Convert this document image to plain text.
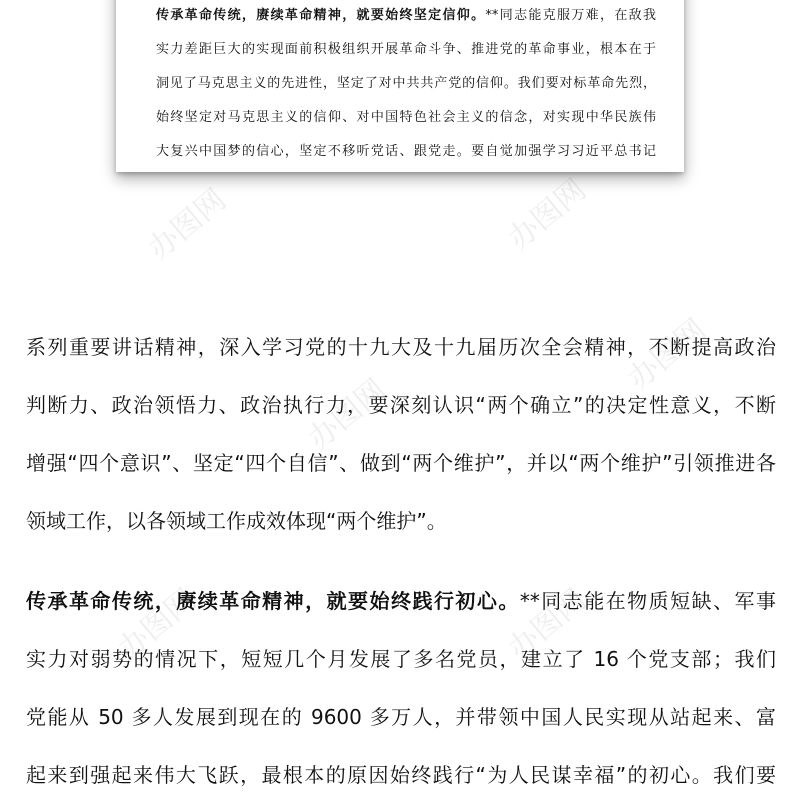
办图网	办图网
办图网
办图网	办图网
办图网
传承革命传统，赓续革命精神，就要始终坚定信仰。**同志能克服万难，在敌我
实力差距巨大的实现面前积极组织开展革命斗争、推进党的革命事业，根本在于
洞见了马克思主义的先进性，坚定了对中共共产党的信仰。我们要对标革命先烈，
始终坚定对马克思主义的信仰、对中国特色社会主义的信念，对实现中华民族伟
大复兴中国梦的信心，坚定不移听党话、跟党走。要自觉加强学习习近平总书记
系列重要讲话精神，深入学习党的十九大及十九届历次全会精神，不断提高政治
判断力、政治领悟力、政治执行力，要深刻认识“两个确立”的决定性意义，不断
增强“四个意识”、坚定“四个自信”、做到“两个维护”，并以“两个维护”引领推进各
领域工作，以各领域工作成效体现“两个维护”。
传承革命传统，赓续革命精神，就要始终践行初心。**同志能在物质短缺、军事
实力对弱势的情况下，短短几个月发展了多名党员，建立了 16 个党支部；我们
党能从 50 多人发展到现在的 9600 多万人，并带领中国人民实现从站起来、富
起来到强起来伟大飞跃，最根本的原因始终践行“为人民谋幸福”的初心。我们要
